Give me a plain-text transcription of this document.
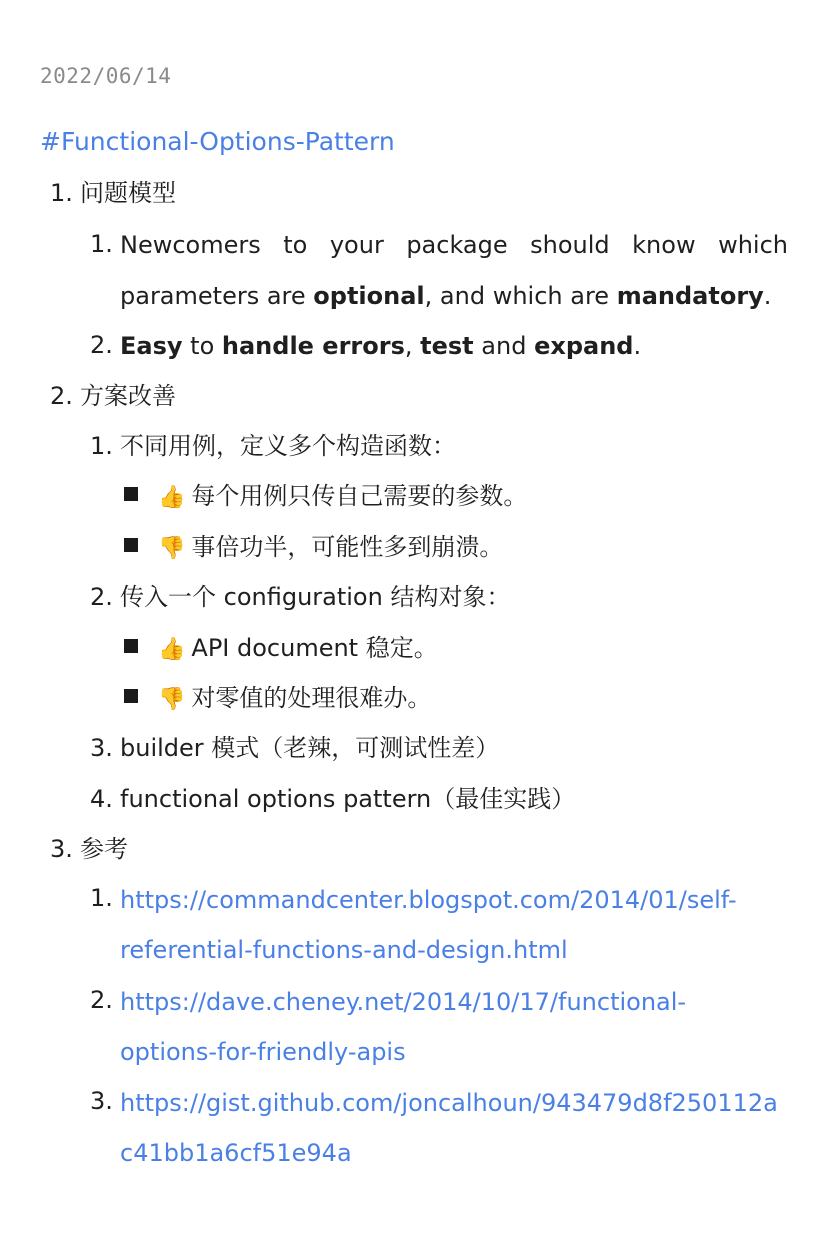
2022/06/14
#Functional-Options-Pattern
1. 问题模型
1. Newcomers to your package should know which
parameters are optional, and which are mandatory.
2. Easy to handle errors, test and expand.
2. 方案改善
1. 不同用例，定义多个构造函数：
👍 每个用例只传自己需要的参数。
👎 事倍功半，可能性多到崩溃。
2. 传入一个 configuration 结构对象：
👍 API document 稳定。
👎 对零值的处理很难办。
3. builder 模式（老辣，可测试性差）
4. functional options pattern（最佳实践）
3. 参考
1. https://commandcenter.blogspot.com/2014/01/self-
referential-functions-and-design.html
2. https://dave.cheney.net/2014/10/17/functional-
options-for-friendly-apis
3. https://gist.github.com/joncalhoun/943479d8f250112a
c41bb1a6cf51e94a
